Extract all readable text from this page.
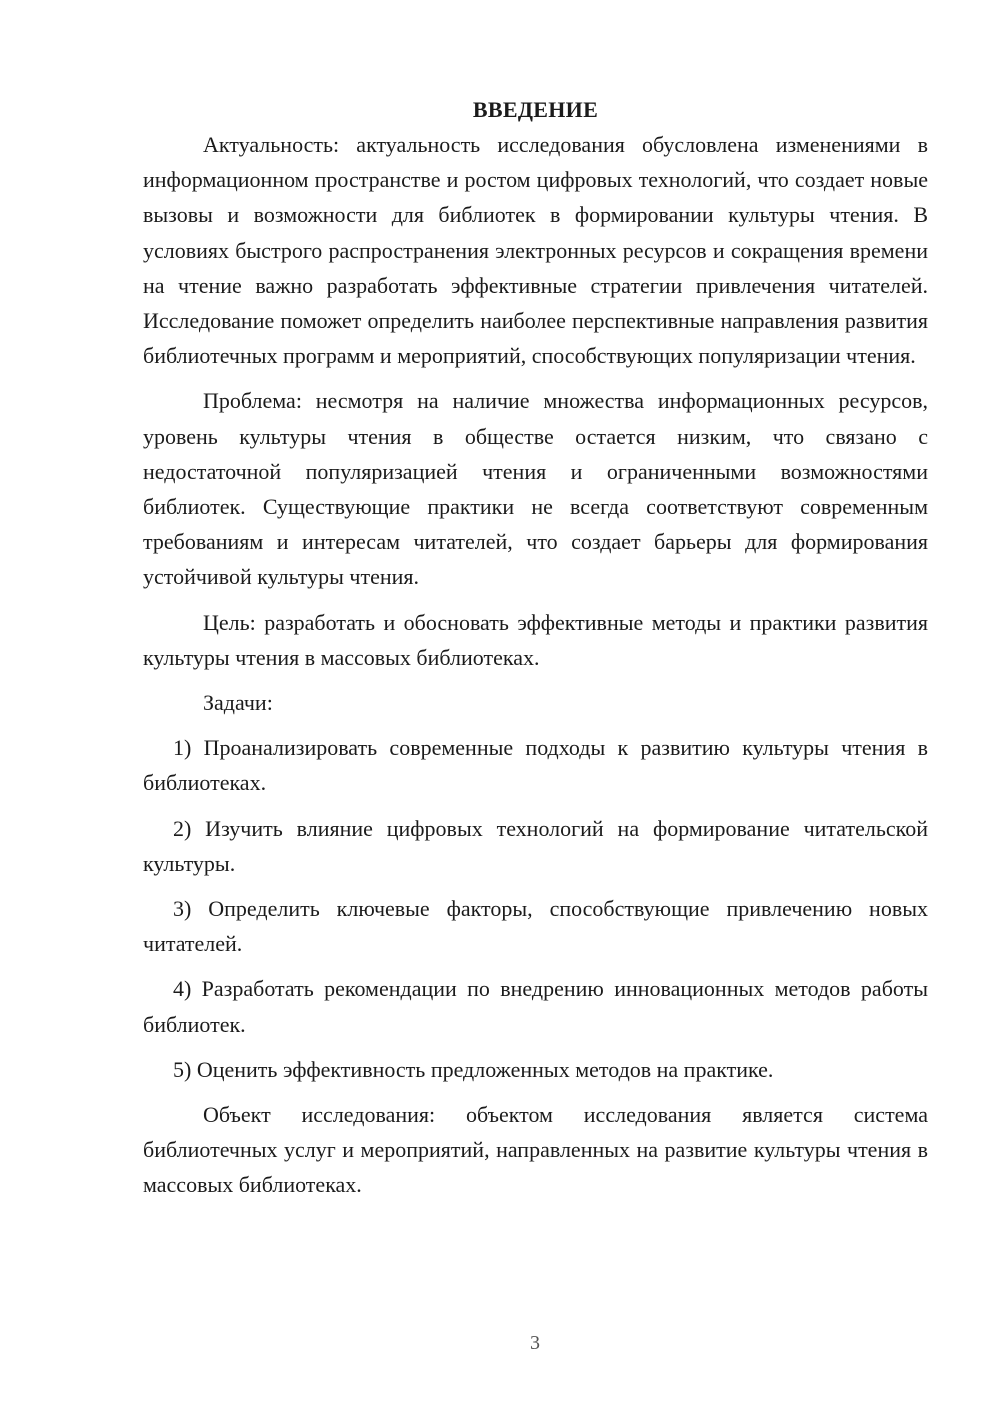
ВВЕДЕНИЕ

Актуальность: актуальность исследования обусловлена изменениями в информационном пространстве и ростом цифровых технологий, что создает новые вызовы и возможности для библиотек в формировании культуры чтения. В условиях быстрого распространения электронных ресурсов и сокращения времени на чтение важно разработать эффективные стратегии привлечения читателей. Исследование поможет определить наиболее перспективные направления развития библиотечных программ и мероприятий, способствующих популяризации чтения.

Проблема: несмотря на наличие множества информационных ресурсов, уровень культуры чтения в обществе остается низким, что связано с недостаточной популяризацией чтения и ограниченными возможностями библиотек. Существующие практики не всегда соответствуют современным требованиям и интересам читателей, что создает барьеры для формирования устойчивой культуры чтения.

Цель: разработать и обосновать эффективные методы и практики развития культуры чтения в массовых библиотеках.

Задачи:

1) Проанализировать современные подходы к развитию культуры чтения в библиотеках.

2) Изучить влияние цифровых технологий на формирование читательской культуры.

3) Определить ключевые факторы, способствующие привлечению новых читателей.

4) Разработать рекомендации по внедрению инновационных методов работы библиотек.

5) Оценить эффективность предложенных методов на практике.

Объект исследования: объектом исследования является система библиотечных услуг и мероприятий, направленных на развитие культуры чтения в массовых библиотеках.

3
